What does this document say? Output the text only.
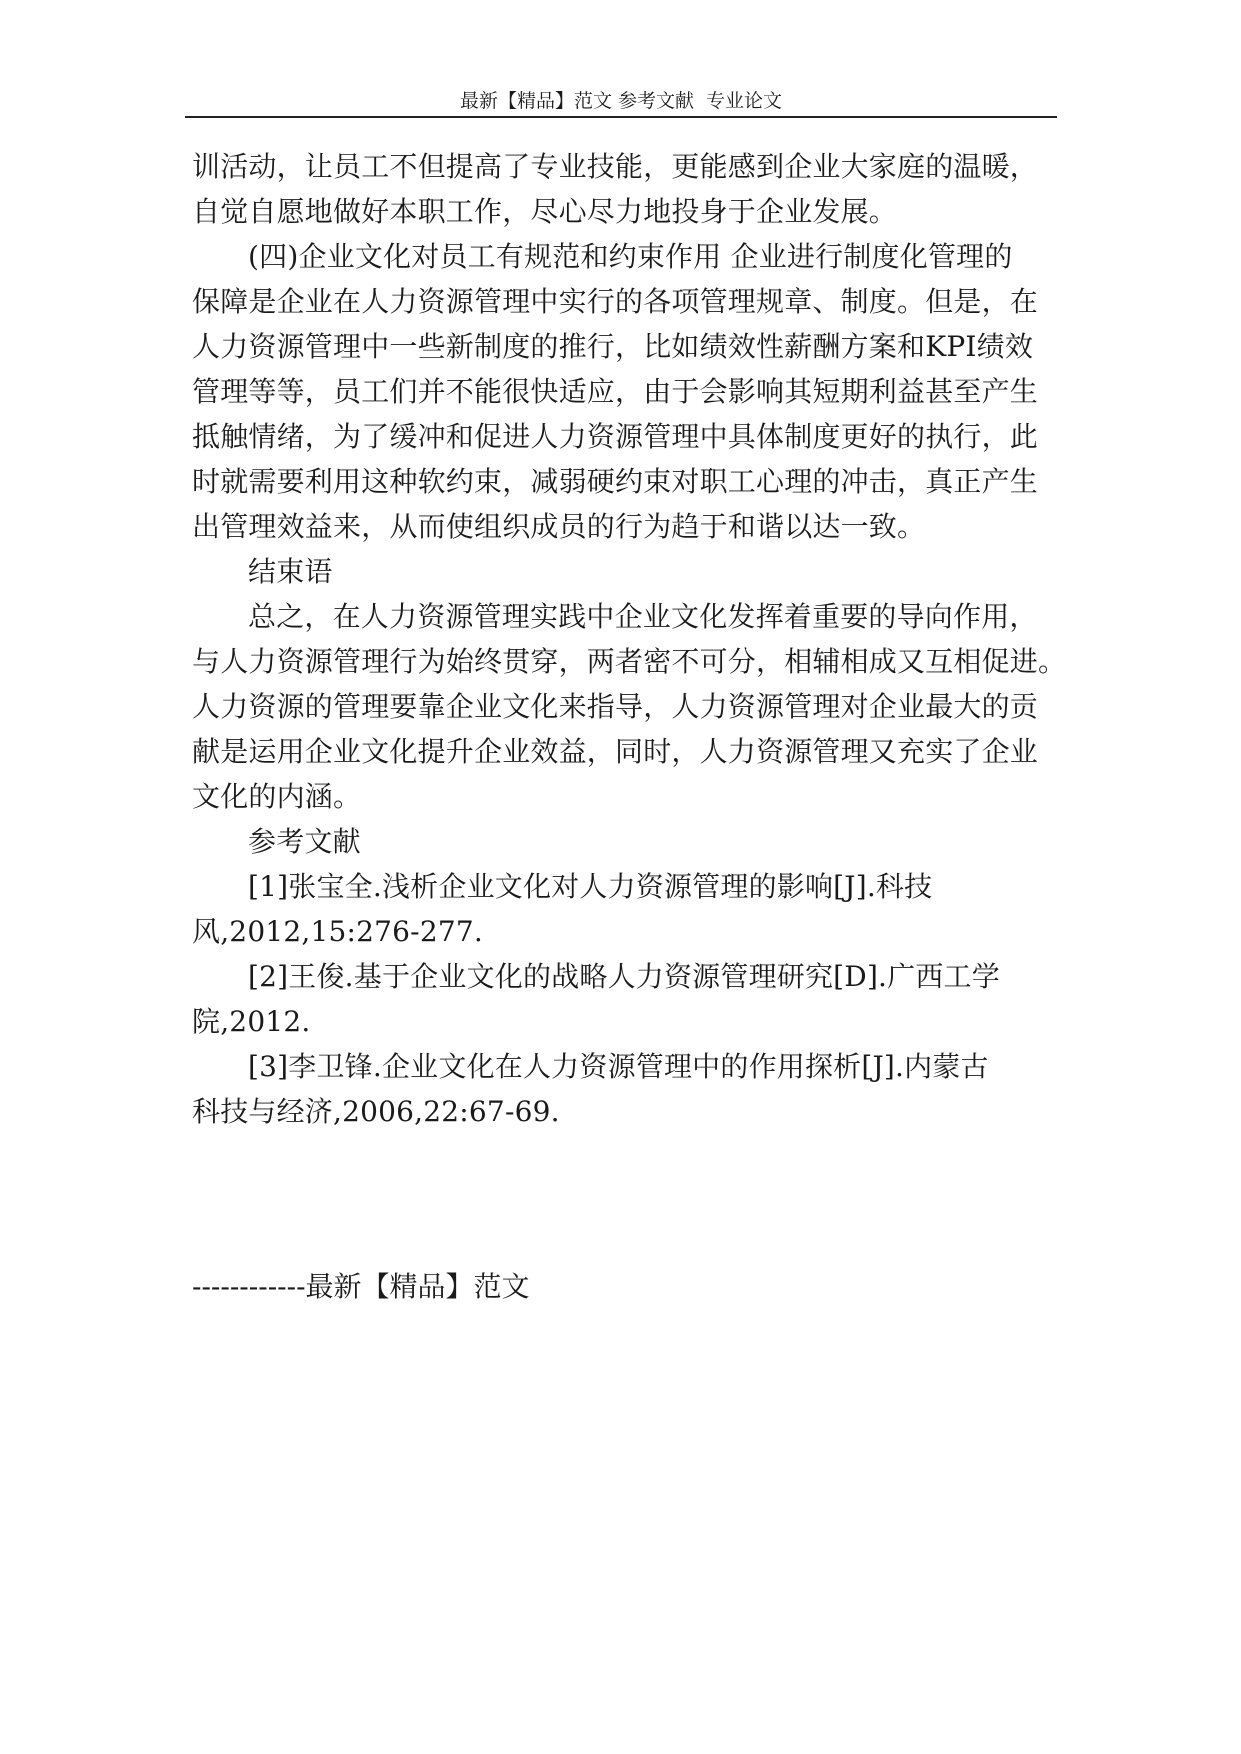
最新【精品】范文 参考文献  专业论文
训活动，让员工不但提高了专业技能，更能感到企业大家庭的温暖，
自觉自愿地做好本职工作，尽心尽力地投身于企业发展。
(四)企业文化对员工有规范和约束作用 企业进行制度化管理的
保障是企业在人力资源管理中实行的各项管理规章、制度。但是，在
人力资源管理中一些新制度的推行，比如绩效性薪酬方案和KPI绩效
管理等等，员工们并不能很快适应，由于会影响其短期利益甚至产生
抵触情绪，为了缓冲和促进人力资源管理中具体制度更好的执行，此
时就需要利用这种软约束，减弱硬约束对职工心理的冲击，真正产生
出管理效益来，从而使组织成员的行为趋于和谐以达一致。
结束语
总之，在人力资源管理实践中企业文化发挥着重要的导向作用，
与人力资源管理行为始终贯穿，两者密不可分，相辅相成又互相促进。
人力资源的管理要靠企业文化来指导，人力资源管理对企业最大的贡
献是运用企业文化提升企业效益，同时，人力资源管理又充实了企业
文化的内涵。
参考文献
[1]张宝全.浅析企业文化对人力资源管理的影响[J].科技
风,2012,15:276-277.
[2]王俊.基于企业文化的战略人力资源管理研究[D].广西工学
院,2012.
[3]李卫锋.企业文化在人力资源管理中的作用探析[J].内蒙古
科技与经济,2006,22:67-69.
------------最新【精品】范文
